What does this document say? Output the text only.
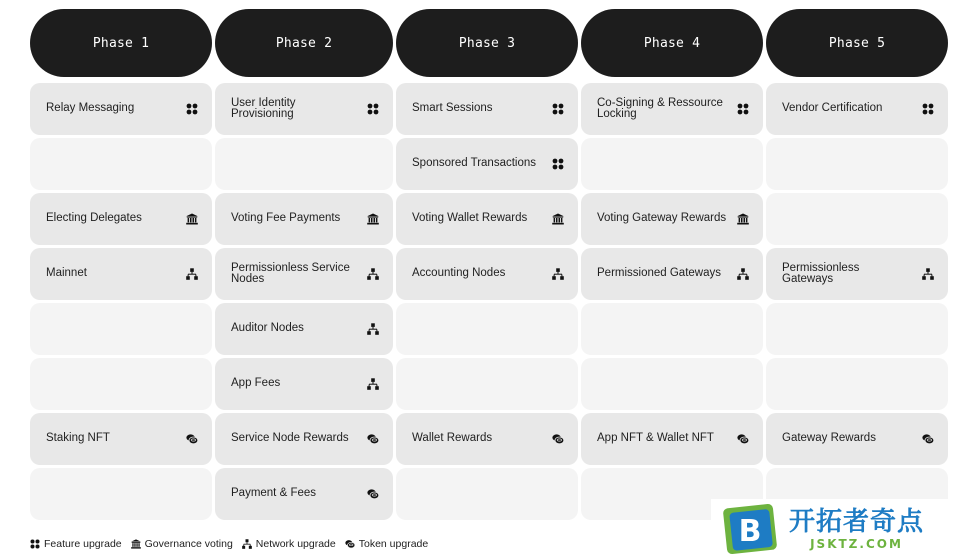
Phase 1
Relay Messaging
Electing Delegates
Mainnet
Staking NFT
Phase 2
User Identity Provisioning
Voting Fee Payments
Permissionless Service Nodes
Auditor Nodes
App Fees
Service Node Rewards
Payment & Fees
Phase 3
Smart Sessions
Sponsored Transactions
Voting Wallet Rewards
Accounting Nodes
Wallet Rewards
Phase 4
Co-Signing & Ressource Locking
Voting Gateway Rewards
Permissioned Gateways
App NFT & Wallet NFT
Phase 5
Vendor Certification
Permissionless Gateways
Gateway Rewards
Feature upgrade Governance voting Network upgrade Token upgrade	B 开拓者奇点
JSKTZ.COM
